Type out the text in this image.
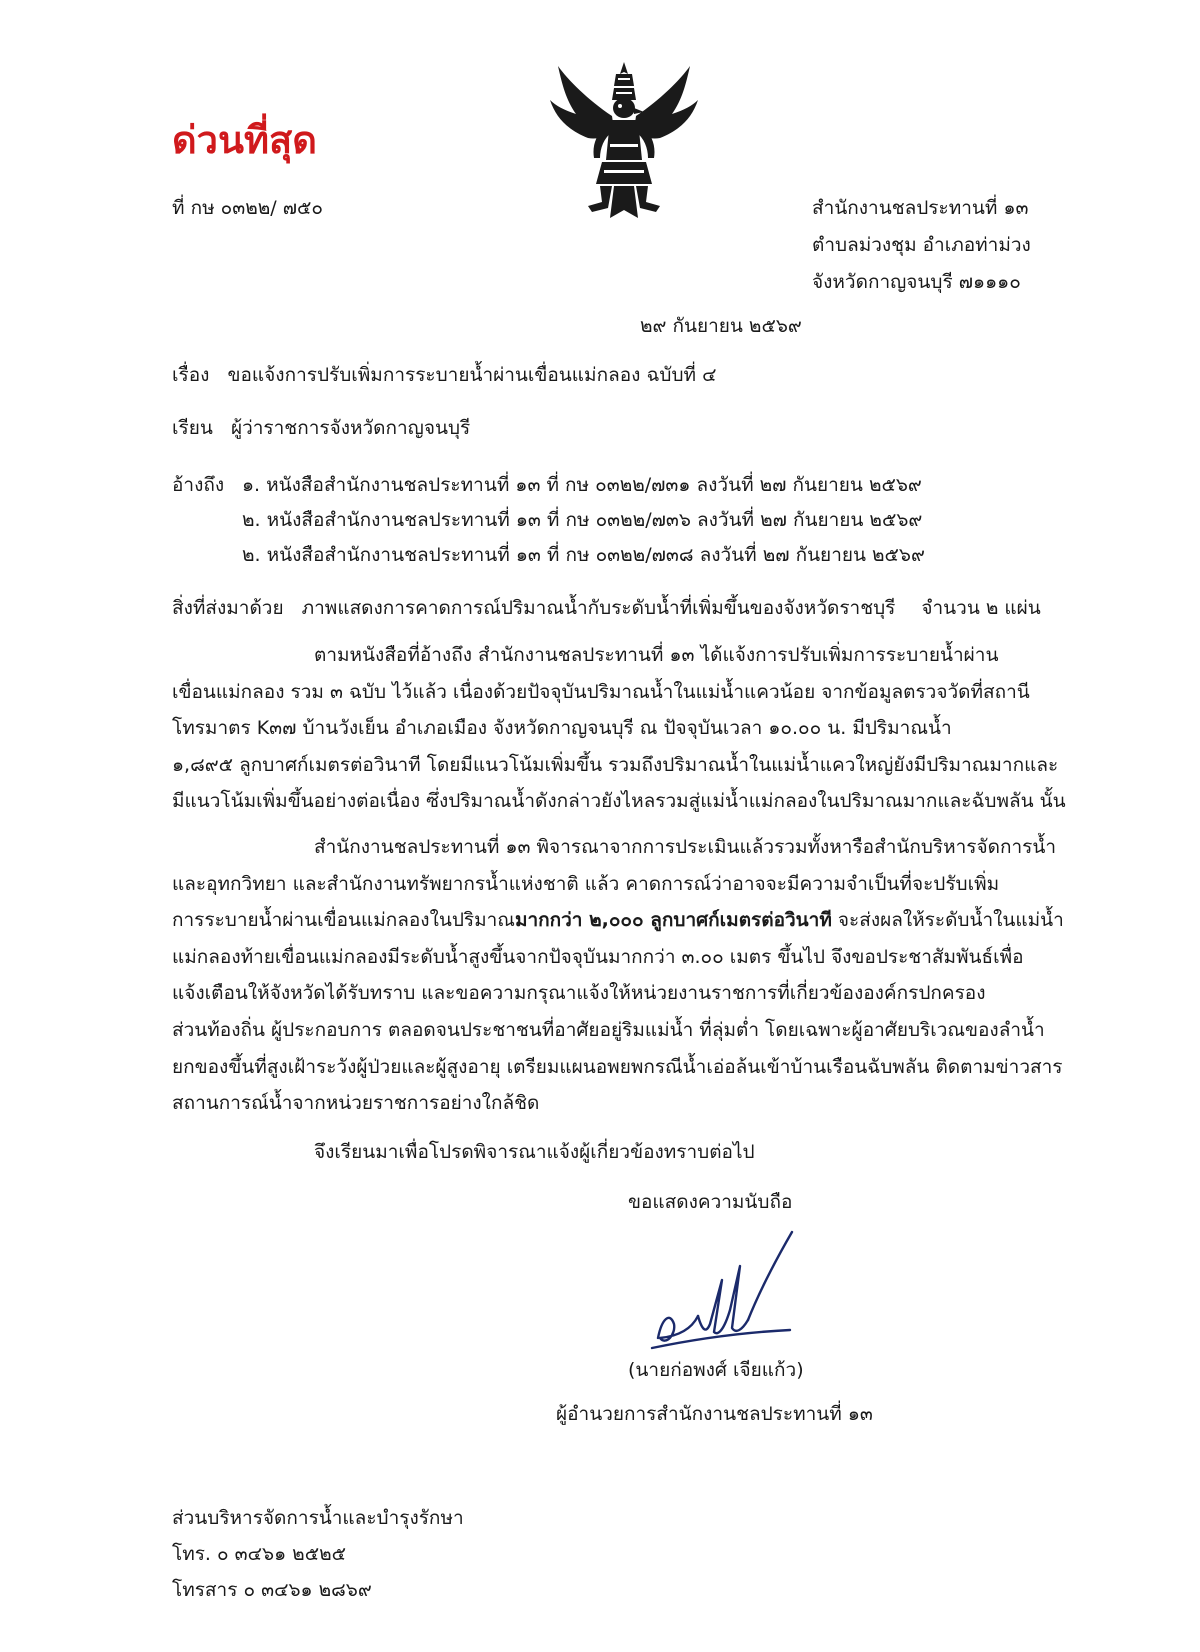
ด่วนที่สุด
ที่ กษ ๐๓๒๒/ ๗๕๐	สำนักงานชลประทานที่ ๑๓
ตำบลม่วงชุม อำเภอท่าม่วง
จังหวัดกาญจนบุรี ๗๑๑๑๐
๒๙ กันยายน ๒๕๖๙
เรื่อง ขอแจ้งการปรับเพิ่มการระบายน้ำผ่านเขื่อนแม่กลอง ฉบับที่ ๔
เรียน ผู้ว่าราชการจังหวัดกาญจนบุรี
อ้างถึง ๑. หนังสือสำนักงานชลประทานที่ ๑๓ ที่ กษ ๐๓๒๒/๗๓๑ ลงวันที่ ๒๗ กันยายน ๒๕๖๙
๒. หนังสือสำนักงานชลประทานที่ ๑๓ ที่ กษ ๐๓๒๒/๗๓๖ ลงวันที่ ๒๗ กันยายน ๒๕๖๙
๒. หนังสือสำนักงานชลประทานที่ ๑๓ ที่ กษ ๐๓๒๒/๗๓๘ ลงวันที่ ๒๗ กันยายน ๒๕๖๙
สิ่งที่ส่งมาด้วย ภาพแสดงการคาดการณ์ปริมาณน้ำกับระดับน้ำที่เพิ่มขึ้นของจังหวัดราชบุรี จำนวน ๒ แผ่น
ตามหนังสือที่อ้างถึง สำนักงานชลประทานที่ ๑๓ ได้แจ้งการปรับเพิ่มการระบายน้ำผ่าน
เขื่อนแม่กลอง รวม ๓ ฉบับ ไว้แล้ว เนื่องด้วยปัจจุบันปริมาณน้ำในแม่น้ำแควน้อย จากข้อมูลตรวจวัดที่สถานี
โทรมาตร K๓๗ บ้านวังเย็น อำเภอเมือง จังหวัดกาญจนบุรี ณ ปัจจุบันเวลา ๑๐.๐๐ น. มีปริมาณน้ำ
๑,๘๙๕ ลูกบาศก์เมตรต่อวินาที โดยมีแนวโน้มเพิ่มขึ้น รวมถึงปริมาณน้ำในแม่น้ำแควใหญ่ยังมีปริมาณมากและ
มีแนวโน้มเพิ่มขึ้นอย่างต่อเนื่อง ซึ่งปริมาณน้ำดังกล่าวยังไหลรวมสู่แม่น้ำแม่กลองในปริมาณมากและฉับพลัน นั้น
สำนักงานชลประทานที่ ๑๓ พิจารณาจากการประเมินแล้วรวมทั้งหารือสำนักบริหารจัดการน้ำ
และอุทกวิทยา และสำนักงานทรัพยากรน้ำแห่งชาติ แล้ว คาดการณ์ว่าอาจจะมีความจำเป็นที่จะปรับเพิ่ม
การระบายน้ำผ่านเขื่อนแม่กลองในปริมาณมากกว่า ๒,๐๐๐ ลูกบาศก์เมตรต่อวินาที จะส่งผลให้ระดับน้ำในแม่น้ำ
แม่กลองท้ายเขื่อนแม่กลองมีระดับน้ำสูงขึ้นจากปัจจุบันมากกว่า ๓.๐๐ เมตร ขึ้นไป จึงขอประชาสัมพันธ์เพื่อ
แจ้งเตือนให้จังหวัดได้รับทราบ และขอความกรุณาแจ้งให้หน่วยงานราชการที่เกี่ยวข้ององค์กรปกครอง
ส่วนท้องถิ่น ผู้ประกอบการ ตลอดจนประชาชนที่อาศัยอยู่ริมแม่น้ำ ที่ลุ่มต่ำ โดยเฉพาะผู้อาศัยบริเวณของลำน้ำ
ยกของขึ้นที่สูงเฝ้าระวังผู้ป่วยและผู้สูงอายุ เตรียมแผนอพยพกรณีน้ำเอ่อล้นเข้าบ้านเรือนฉับพลัน ติดตามข่าวสาร
สถานการณ์น้ำจากหน่วยราชการอย่างใกล้ชิด
จึงเรียนมาเพื่อโปรดพิจารณาแจ้งผู้เกี่ยวข้องทราบต่อไป
ขอแสดงความนับถือ
(นายก่อพงศ์ เจียแก้ว)
ผู้อำนวยการสำนักงานชลประทานที่ ๑๓
ส่วนบริหารจัดการน้ำและบำรุงรักษา
โทร. ๐ ๓๔๖๑ ๒๕๒๕
โทรสาร ๐ ๓๔๖๑ ๒๘๖๙
